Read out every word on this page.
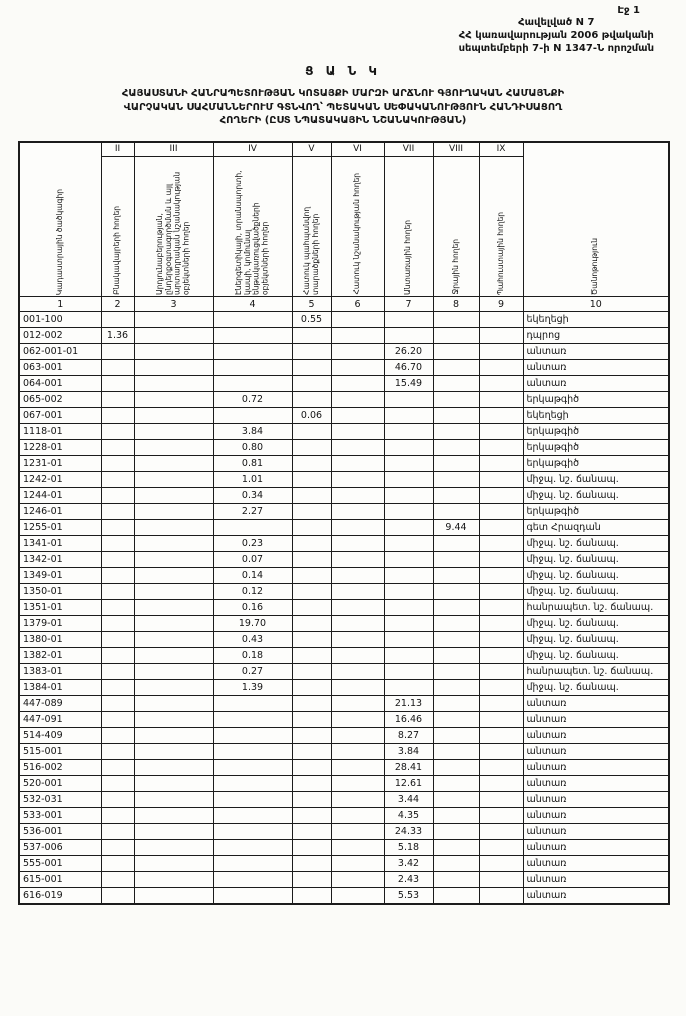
Էջ 1
Հավելված N 7
ՀՀ կառավարության 2006 թվականի
սեպտեմբերի 7-ի N 1347-Ն որոշման
Ց Ա Ն Կ
ՀԱՅԱՍՏԱՆԻ ՀԱՆՐԱՊԵՏՈՒԹՅԱՆ ԿՈՏԱՅՔԻ ՄԱՐԶԻ ԱՐՃՆՈՒ ԳՅՈՒՂԱԿԱՆ ՀԱՄԱՅՆՔԻ
ՎԱՐՉԱԿԱՆ ՍԱՀՄԱՆՆԵՐՈՒՄ ԳՏՆՎՈՂ՝ ՊԵՏԱԿԱՆ ՍԵՓԱԿԱՆՈՒԹՅՈՒՆ ՀԱՆԴԻՍԱՑՈՂ
ՀՈՂԵՐԻ (ԸՍՏ ՆՊԱՏԱԿԱՅԻՆ ՆՇԱՆԱԿՈՒԹՅԱՆ)
Կադաստրային ծածկագիր	II	III	IV	V	VI	VII	VIII	IX	Ծանոթություն

	Բնակավայրերի հողեր	Արդյունաբերության, ընդերքօգտագործման և այլ արտադրական նշանակության օբյեկտների հողեր	Էներգետիկայի, տրանսպորտի, կապի, կոմունալ ենթակառուցվածքների օբյեկտների հողեր	Հատուկ պահպանվող տարածքների հողեր	Հատուկ նշանակության հողեր	Անտառային հողեր	Ջրային հողեր	Պահուստային հողեր	

1	2	3	4	5	6	7	8	9	10
001-100				0.55					եկեղեցի
012-002	1.36								դպրոց
062-001-01						26.20			անտառ
063-001						46.70			անտառ
064-001						15.49			անտառ
065-002			0.72						երկաթգիծ
067-001				0.06					եկեղեցի
1118-01			3.84						երկաթգիծ
1228-01			0.80						երկաթգիծ
1231-01			0.81						երկաթգիծ
1242-01			1.01						միջպ. նշ. ճանապ.
1244-01			0.34						միջպ. նշ. ճանապ.
1246-01			2.27						երկաթգիծ
1255-01							9.44		գետ Հրազդան
1341-01			0.23						միջպ. նշ. ճանապ.
1342-01			0.07						միջպ. նշ. ճանապ.
1349-01			0.14						միջպ. նշ. ճանապ.
1350-01			0.12						միջպ. նշ. ճանապ.
1351-01			0.16						հանրապետ. նշ. ճանապ.
1379-01			19.70						միջպ. նշ. ճանապ.
1380-01			0.43						միջպ. նշ. ճանապ.
1382-01			0.18						միջպ. նշ. ճանապ.
1383-01			0.27						հանրապետ. նշ. ճանապ.
1384-01			1.39						միջպ. նշ. ճանապ.
447-089						21.13			անտառ
447-091						16.46			անտառ
514-409						8.27			անտառ
515-001						3.84			անտառ
516-002						28.41			անտառ
520-001						12.61			անտառ
532-031						3.44			անտառ
533-001						4.35			անտառ
536-001						24.33			անտառ
537-006						5.18			անտառ
555-001						3.42			անտառ
615-001						2.43			անտառ
616-019						5.53			անտառ
